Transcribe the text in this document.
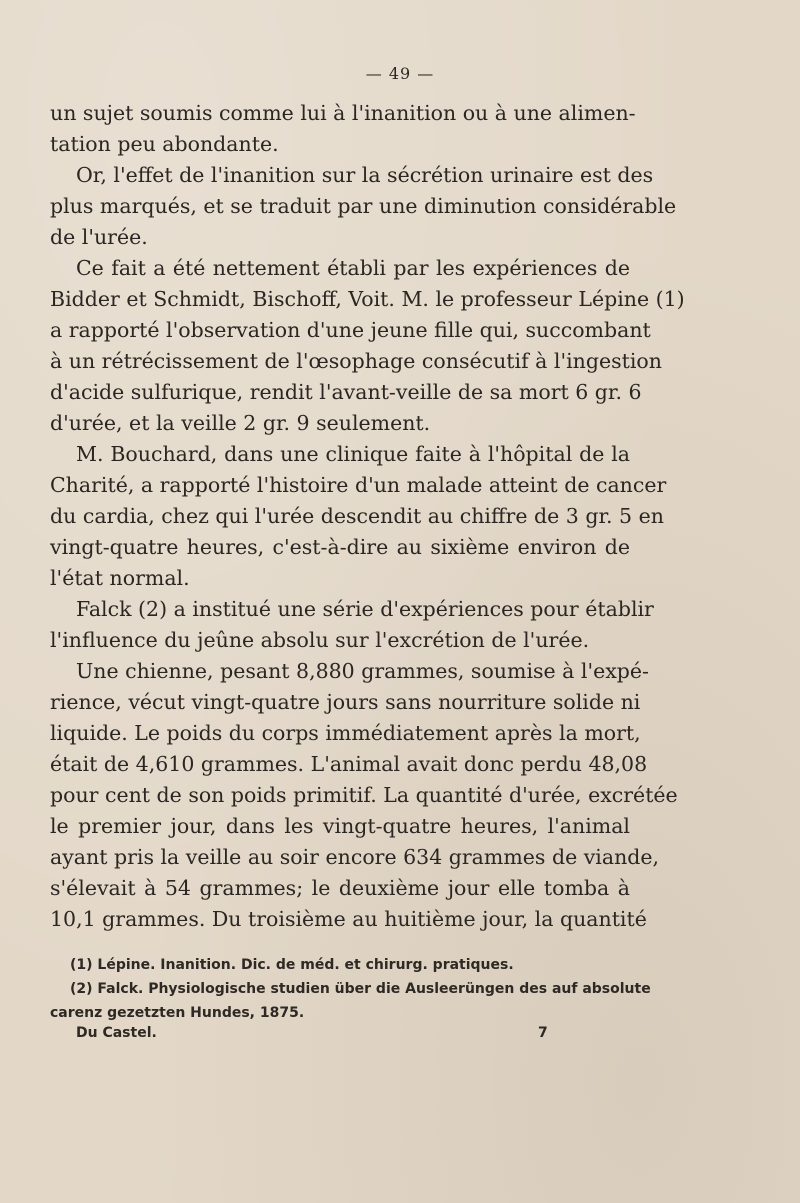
— 49 —
un sujet soumis comme lui à l'inanition ou à une alimen-
tation peu abondante.
Or, l'effet de l'inanition sur la sécrétion urinaire est des
plus marqués, et se traduit par une diminution considérable
de l'urée.
Ce fait a été nettement établi par les expériences de
Bidder et Schmidt, Bischoff, Voit. M. le professeur Lépine (1)
a rapporté l'observation d'une jeune fille qui, succombant
à un rétrécissement de l'œsophage consécutif à l'ingestion
d'acide sulfurique, rendit l'avant-veille de sa mort 6 gr. 6
d'urée, et la veille 2 gr. 9 seulement.
M. Bouchard, dans une clinique faite à l'hôpital de la
Charité, a rapporté l'histoire d'un malade atteint de cancer
du cardia, chez qui l'urée descendit au chiffre de 3 gr. 5 en
vingt-quatre heures, c'est-à-dire au sixième environ de
l'état normal.
Falck (2) a institué une série d'expériences pour établir
l'influence du jeûne absolu sur l'excrétion de l'urée.
Une chienne, pesant 8,880 grammes, soumise à l'expé-
rience, vécut vingt-quatre jours sans nourriture solide ni
liquide. Le poids du corps immédiatement après la mort,
était de 4,610 grammes. L'animal avait donc perdu 48,08
pour cent de son poids primitif. La quantité d'urée, excrétée
le premier jour, dans les vingt-quatre heures, l'animal
ayant pris la veille au soir encore 634 grammes de viande,
s'élevait à 54 grammes; le deuxième jour elle tomba à
10,1 grammes. Du troisième au huitième jour, la quantité
(1) Lépine. Inanition. Dic. de méd. et chirurg. pratiques.
(2) Falck. Physiologische studien über die Ausleerüngen des auf absolute
carenz gezetzten Hundes, 1875.
Du Castel.	7
